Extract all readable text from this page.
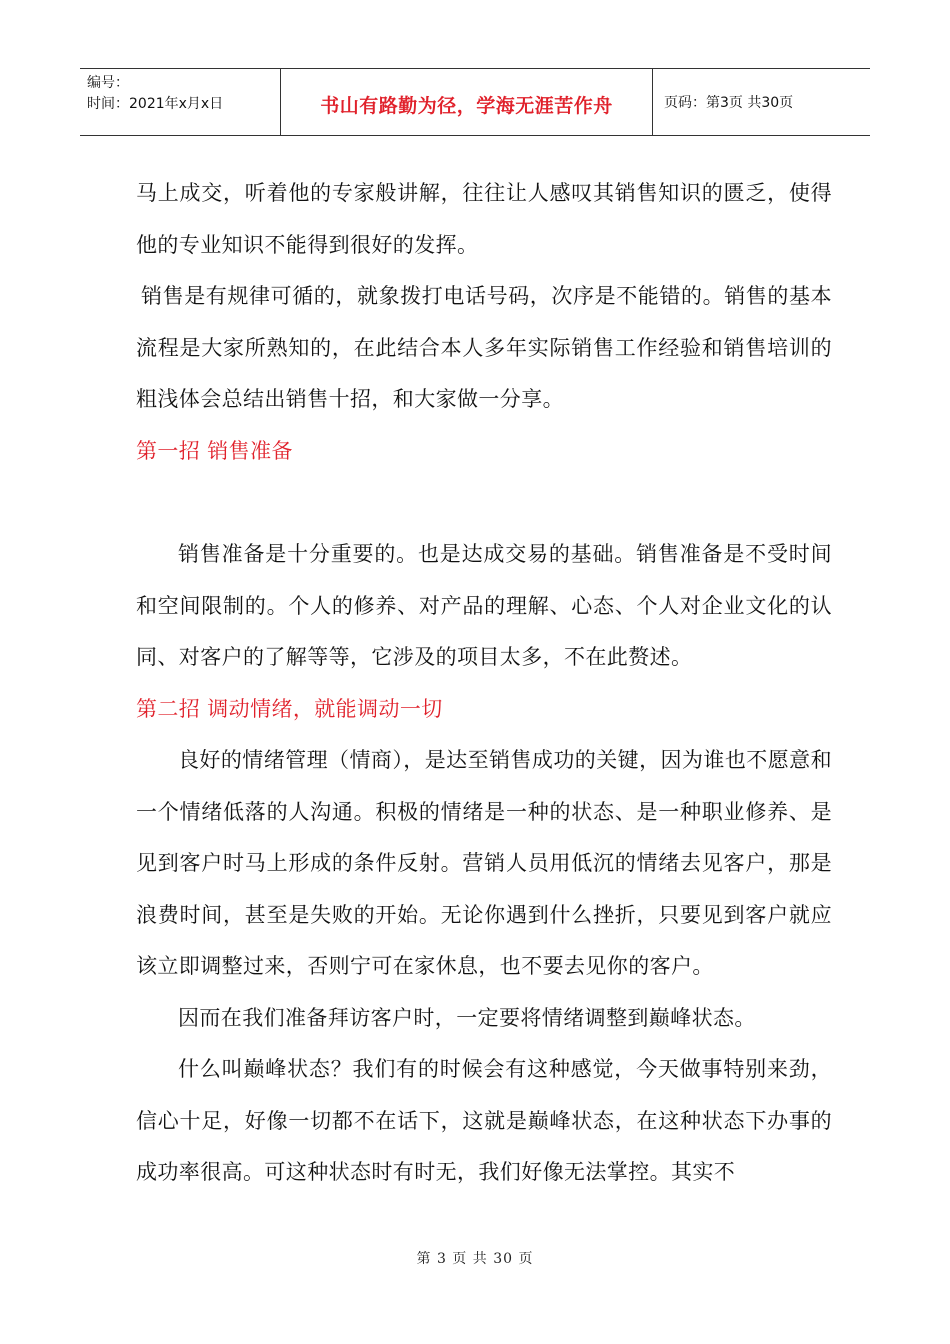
编号：
时间：2021年x月x日	书山有路勤为径，学海无涯苦作舟	页码：第3页 共30页

马上成交，听着他的专家般讲解，往往让人感叹其销售知识的匮乏，使得他的专业知识不能得到很好的发挥。

销售是有规律可循的，就象拨打电话号码，次序是不能错的。销售的基本流程是大家所熟知的，在此结合本人多年实际销售工作经验和销售培训的粗浅体会总结出销售十招，和大家做一分享。

第一招 销售准备

销售准备是十分重要的。也是达成交易的基础。销售准备是不受时间和空间限制的。个人的修养、对产品的理解、心态、个人对企业文化的认同、对客户的了解等等，它涉及的项目太多，不在此赘述。

第二招 调动情绪，就能调动一切

良好的情绪管理（情商），是达至销售成功的关键，因为谁也不愿意和一个情绪低落的人沟通。积极的情绪是一种的状态、是一种职业修养、是见到客户时马上形成的条件反射。营销人员用低沉的情绪去见客户，那是浪费时间，甚至是失败的开始。无论你遇到什么挫折，只要见到客户就应该立即调整过来，否则宁可在家休息，也不要去见你的客户。

因而在我们准备拜访客户时，一定要将情绪调整到巅峰状态。

什么叫巅峰状态？我们有的时候会有这种感觉，今天做事特别来劲，信心十足，好像一切都不在话下，这就是巅峰状态，在这种状态下办事的成功率很高。可这种状态时有时无，我们好像无法掌控。其实不

第 3 页 共 30 页
